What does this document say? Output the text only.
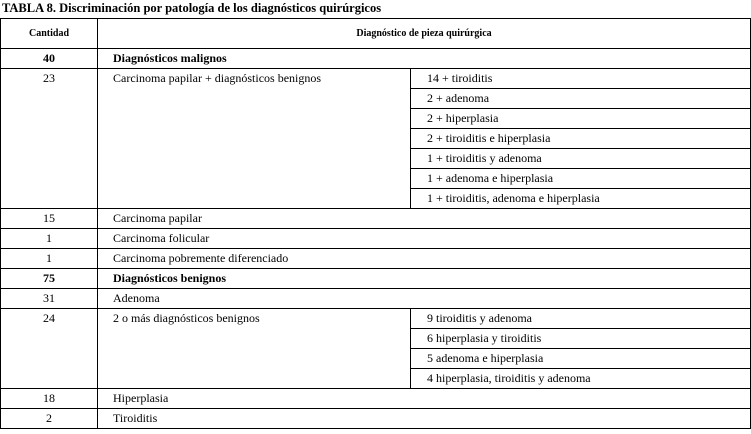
TABLA 8. Discriminación por patología de los diagnósticos quirúrgicos
Cantidad	Diagnóstico de pieza quirúrgica	
40	Diagnósticos malignos	
23	Carcinoma papilar + diagnósticos benignos	14 + tiroiditis
		2 + adenoma
		2 + hiperplasia
		2 + tiroiditis e hiperplasia
		1 + tiroiditis y adenoma
		1 + adenoma e hiperplasia
		1 + tiroiditis, adenoma e hiperplasia
15	Carcinoma papilar	
1	Carcinoma folicular	
1	Carcinoma pobremente diferenciado	
75	Diagnósticos benignos	
31	Adenoma	
24	2 o más diagnósticos benignos	9 tiroiditis y adenoma
		6 hiperplasia y tiroiditis
		5 adenoma e hiperplasia
		4 hiperplasia, tiroiditis y adenoma
18	Hiperplasia	
2	Tiroiditis	
